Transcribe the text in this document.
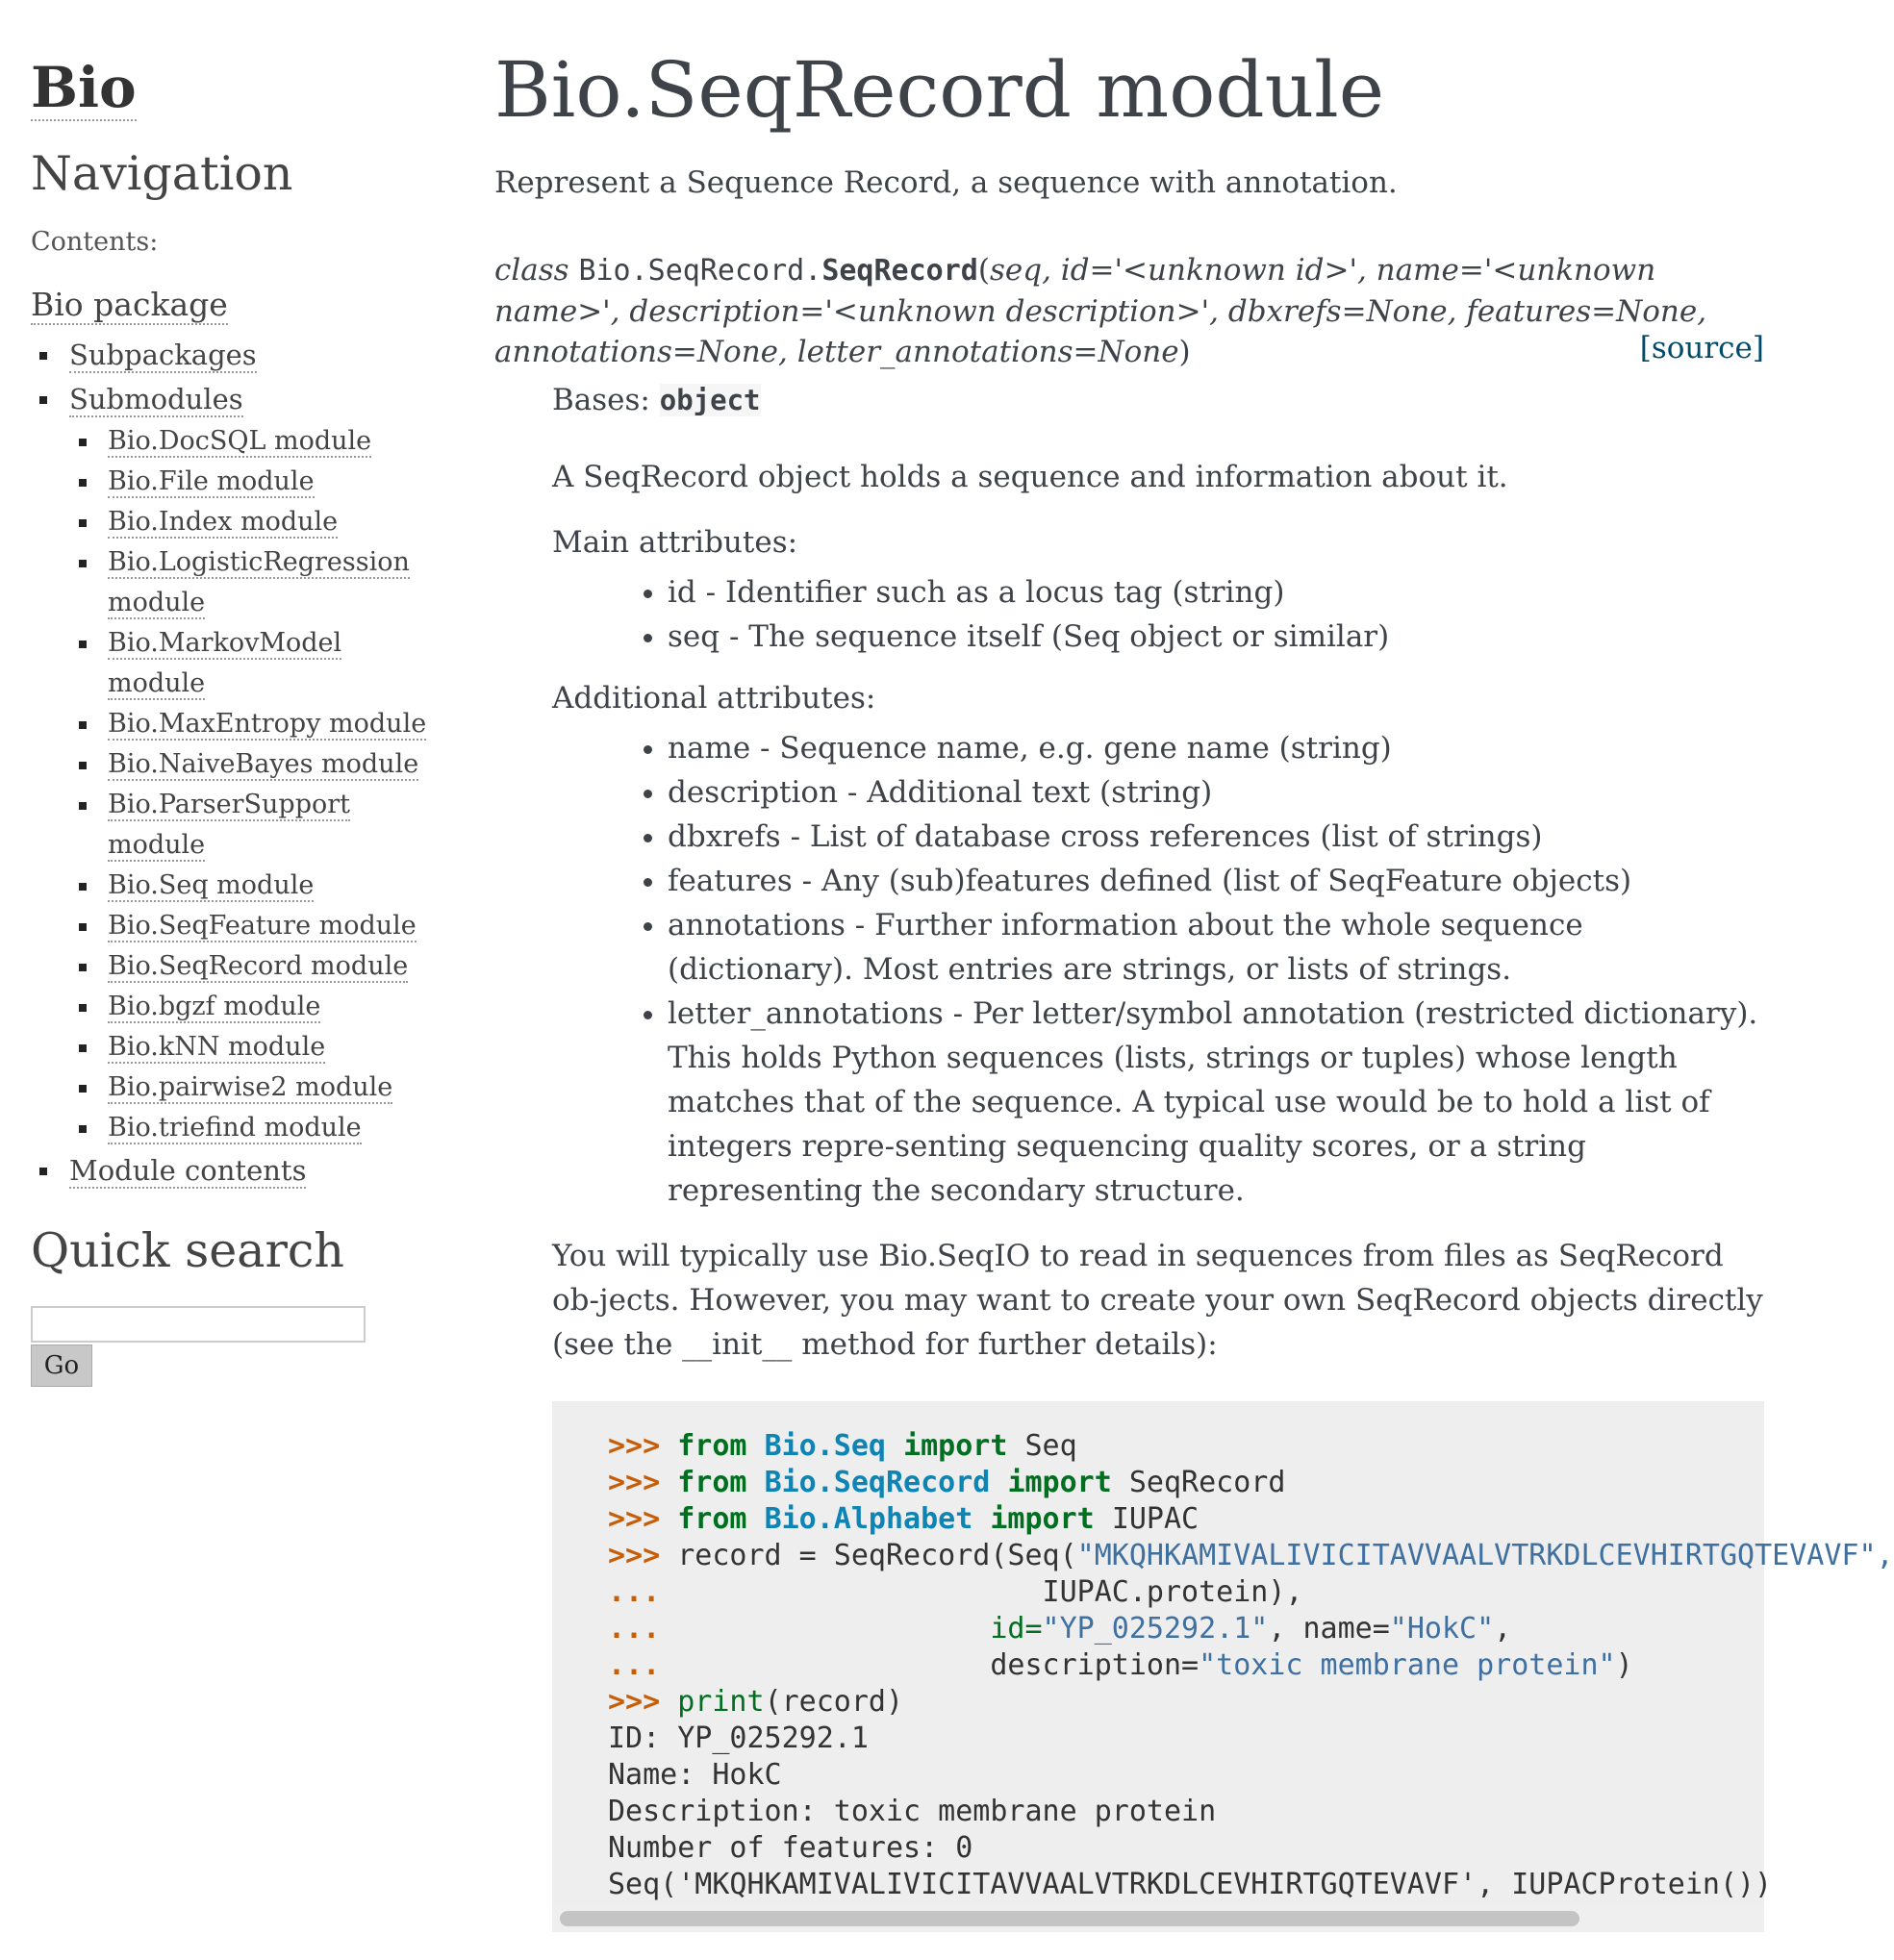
Bio
Navigation

Contents:

Bio package
Subpackages
Submodules
Bio.DocSQL module
Bio.File module
Bio.Index module
Bio.LogisticRegression module
Bio.MarkovModel module
Bio.MaxEntropy module
Bio.NaiveBayes module
Bio.ParserSupport module
Bio.Seq module
Bio.SeqFeature module
Bio.SeqRecord module
Bio.bgzf module
Bio.kNN module
Bio.pairwise2 module
Bio.triefind module
Module contents
Quick search
Go
Bio.SeqRecord module

Represent a Sequence Record, a sequence with annotation.

class Bio.SeqRecord.SeqRecord(seq, id='<unknown id>', name='<unknown name>', description='<unknown description>', dbxrefs=None, features=None, annotations=None, letter_annotations=None)	[source]

Bases: object

A SeqRecord object holds a sequence and information about it.

Main attributes:

• id - Identifier such as a locus tag (string)
• seq - The sequence itself (Seq object or similar)

Additional attributes:

• name - Sequence name, e.g. gene name (string)
• description - Additional text (string)
• dbxrefs - List of database cross references (list of strings)
• features - Any (sub)features defined (list of SeqFeature objects)
• annotations - Further information about the whole sequence (dictionary). Most entries are strings, or lists of strings.
• letter_annotations - Per letter/symbol annotation (restricted dictionary). This holds Python sequences (lists, strings or tuples) whose length matches that of the sequence. A typical use would be to hold a list of integers repre-senting sequencing quality scores, or a string representing the secondary structure.

You will typically use Bio.SeqIO to read in sequences from files as SeqRecord ob-jects. However, you may want to create your own SeqRecord objects directly (see the __init__ method for further details):

>>> from Bio.Seq import Seq
>>> from Bio.SeqRecord import SeqRecord
>>> from Bio.Alphabet import IUPAC
>>> record = SeqRecord(Seq("MKQHKAMIVALIVICITAVVAALVTRKDLCEVHIRTGQTEVAVF",
...                      IUPAC.protein),
...	id="YP_025292.1", name="HokC",
...	description="toxic membrane protein")
>>> print(record)
ID: YP_025292.1
Name: HokC
Description: toxic membrane protein
Number of features: 0
Seq('MKQHKAMIVALIVICITAVVAALVTRKDLCEVHIRTGQTEVAVF', IUPACProtein())
